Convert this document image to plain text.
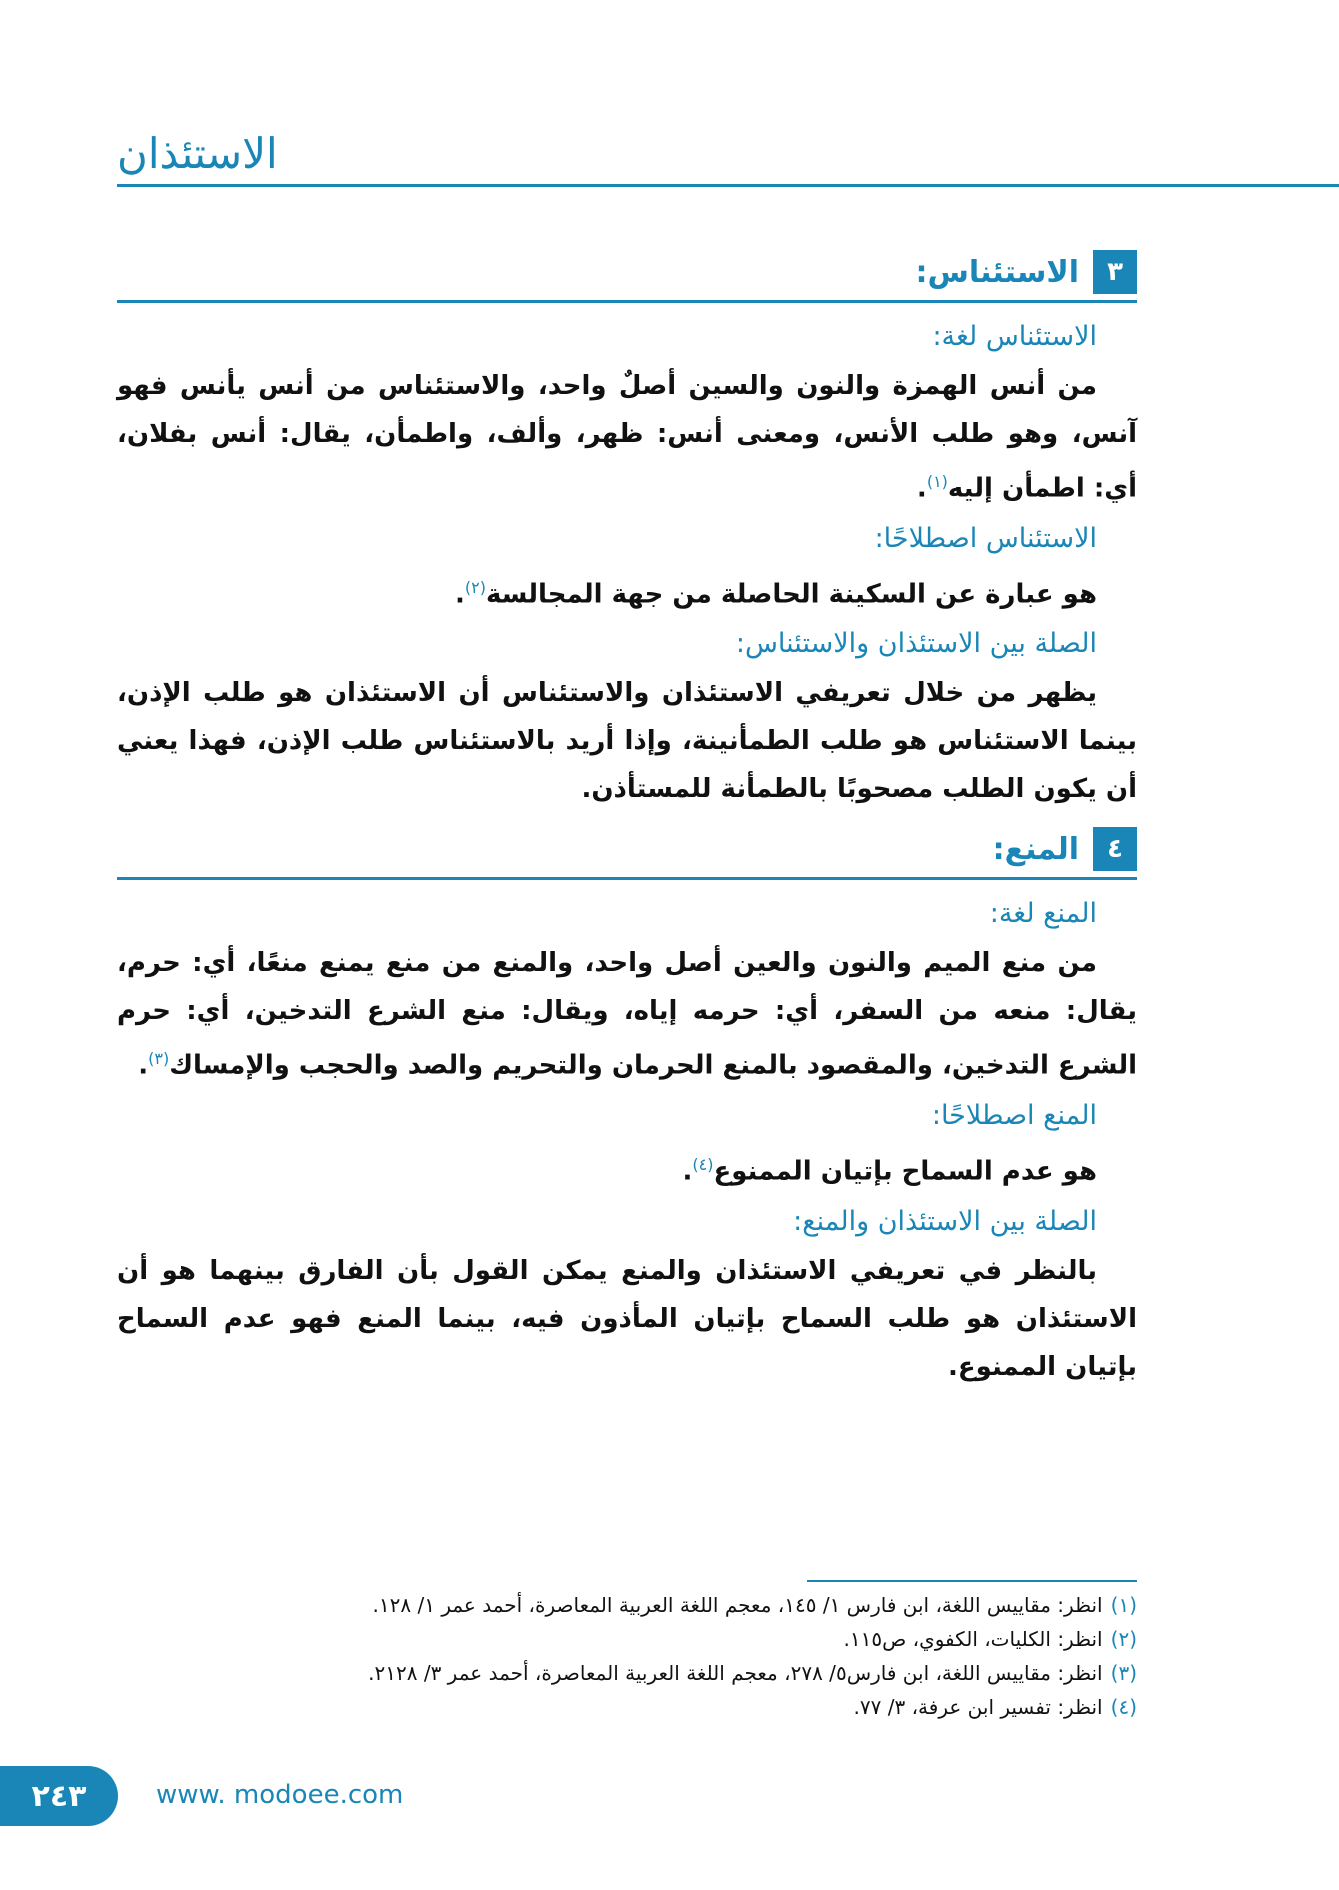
الاستئذان
٣
الاستئناس:
الاستئناس لغة:

من أنس الهمزة والنون والسين أصلٌ واحد، والاستئناس من أنس يأنس فهو آنس، وهو طلب الأنس، ومعنى أنس: ظهر، وألف، واطمأن، يقال: أنس بفلان، أي: اطمأن إليه$^{(١)}$.

الاستئناس اصطلاحًا:

هو عبارة عن السكينة الحاصلة من جهة المجالسة$^{(٢)}$.

الصلة بين الاستئذان والاستئناس:

يظهر من خلال تعريفي الاستئذان والاستئناس أن الاستئذان هو طلب الإذن، بينما الاستئناس هو طلب الطمأنينة، وإذا أريد بالاستئناس طلب الإذن، فهذا يعني أن يكون الطلب مصحوبًا بالطمأنة للمستأذن.

٤
المنع:
المنع لغة:

من منع الميم والنون والعين أصل واحد، والمنع من منع يمنع منعًا، أي: حرم، يقال: منعه من السفر، أي: حرمه إياه، ويقال: منع الشرع التدخين، أي: حرم الشرع التدخين، والمقصود بالمنع الحرمان والتحريم والصد والحجب والإمساك$^{(٣)}$.

المنع اصطلاحًا:

هو عدم السماح بإتيان الممنوع$^{(٤)}$.

الصلة بين الاستئذان والمنع:

بالنظر في تعريفي الاستئذان والمنع يمكن القول بأن الفارق بينهما هو أن الاستئذان هو طلب السماح بإتيان المأذون فيه، بينما المنع فهو عدم السماح بإتيان الممنوع.

(١)انظر: مقاييس اللغة، ابن فارس ١/ ١٤٥، معجم اللغة العربية المعاصرة، أحمد عمر ١/ ١٢٨.

(٢)انظر: الكليات، الكفوي، ص١١٥.

(٣)انظر: مقاييس اللغة، ابن فارس٥/ ٢٧٨، معجم اللغة العربية المعاصرة، أحمد عمر ٣/ ٢١٢٨.

(٤)انظر: تفسير ابن عرفة، ٣/ ٧٧.

٢٤٣	www. modoee.com
